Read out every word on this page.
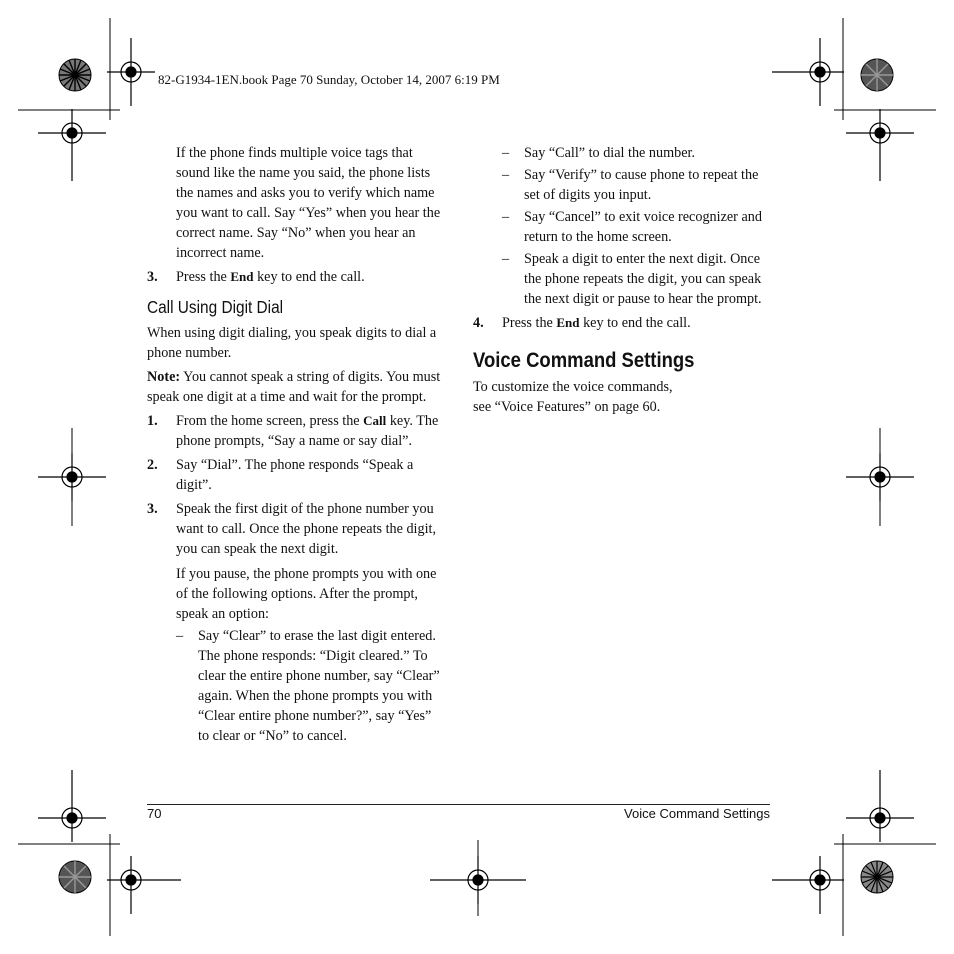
82-G1934-1EN.book Page 70 Sunday, October 14, 2007 6:19 PM

If the phone finds multiple voice tags that sound like the name you said, the phone lists the names and asks you to verify which name you want to call. Say “Yes” when you hear the correct name. Say “No” when you hear an incorrect name.

3. Press the End key to end the call.

Call Using Digit Dial

When using digit dialing, you speak digits to dial a phone number.

Note: You cannot speak a string of digits. You must speak one digit at a time and wait for the prompt.

1. From the home screen, press the Call key. The phone prompts, “Say a name or say dial”.

2. Say “Dial”. The phone responds “Speak a digit”.

3. Speak the first digit of the phone number you want to call. Once the phone repeats the digit, you can speak the next digit.

If you pause, the phone prompts you with one of the following options. After the prompt, speak an option:

– Say “Clear” to erase the last digit entered. The phone responds: “Digit cleared.” To clear the entire phone number, say “Clear” again. When the phone prompts you with “Clear entire phone number?”, say “Yes” to clear or “No” to cancel.

– Say “Call” to dial the number.

– Say “Verify” to cause phone to repeat the set of digits you input.

– Say “Cancel” to exit voice recognizer and return to the home screen.

– Speak a digit to enter the next digit. Once the phone repeats the digit, you can speak the next digit or pause to hear the prompt.

4. Press the End key to end the call.

Voice Command Settings

To customize the voice commands, see “Voice Features” on page 60.

70	Voice Command Settings
